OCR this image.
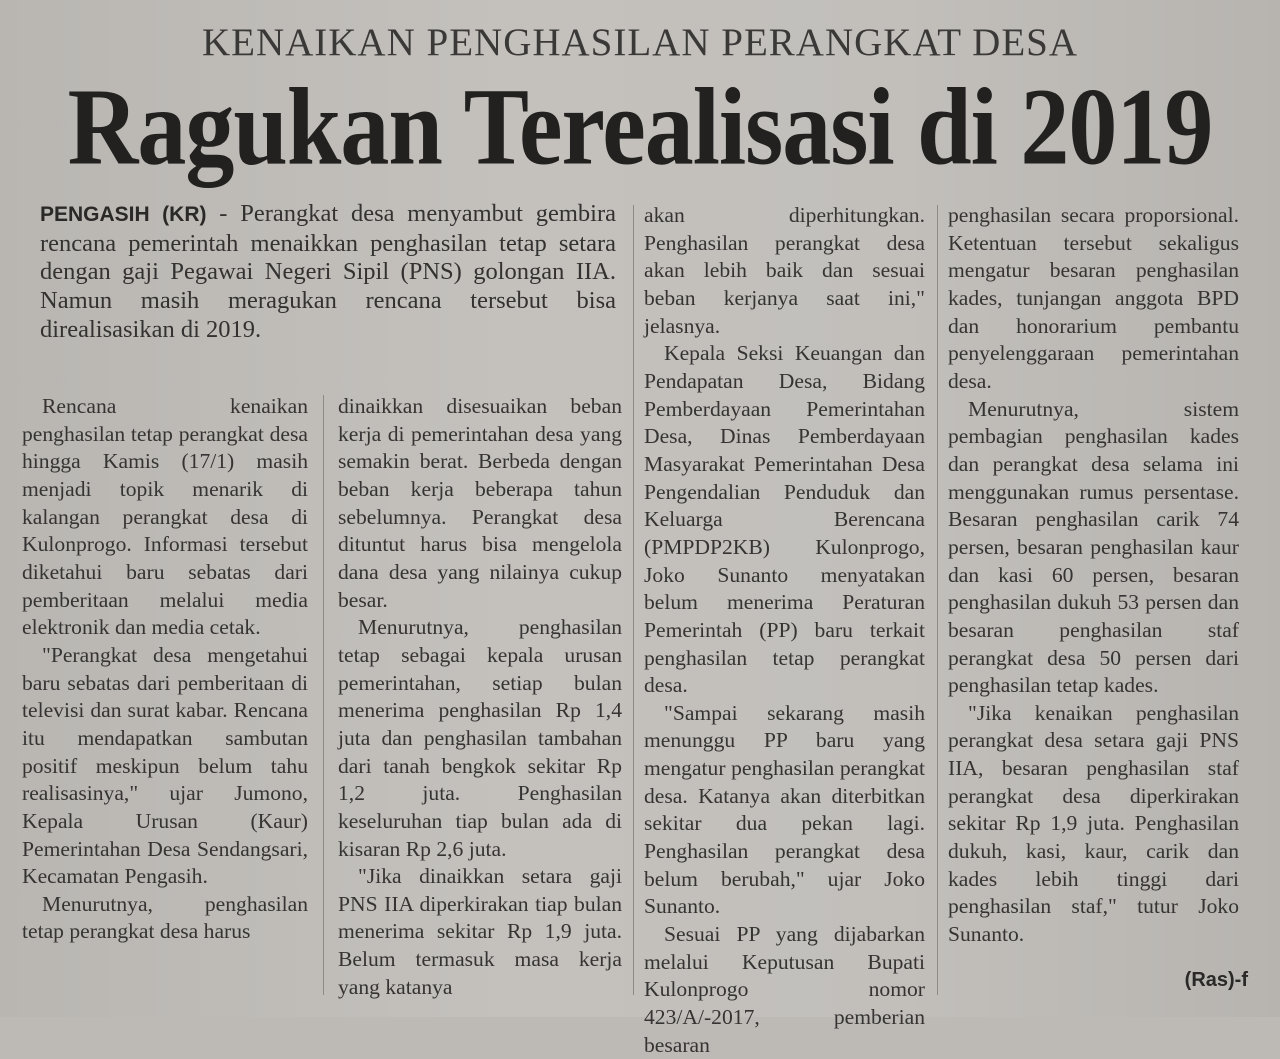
KENAIKAN PENGHASILAN PERANGKAT DESA
Ragukan Terealisasi di 2019
PENGASIH (KR) - Perangkat desa menyambut gembira rencana pemerintah menaikkan penghasilan tetap setara dengan gaji Pegawai Negeri Sipil (PNS) golongan IIA. Namun masih meragukan rencana tersebut bisa direalisasikan di 2019.

Rencana kenaikan penghasilan tetap perangkat desa hingga Kamis (17/1) masih menjadi topik menarik di kalangan perangkat desa di Kulonprogo. Informasi tersebut diketahui baru sebatas dari pemberitaan melalui media elektronik dan media cetak.

"Perangkat desa mengetahui baru sebatas dari pemberitaan di televisi dan surat kabar. Rencana itu mendapatkan sambutan positif meskipun belum tahu realisasinya," ujar Jumono, Kepala Urusan (Kaur) Pemerintahan Desa Sendangsari, Kecamatan Pengasih.

Menurutnya, penghasilan tetap perangkat desa harus

dinaikkan disesuaikan beban kerja di pemerintahan desa yang semakin berat. Berbeda dengan beban kerja beberapa tahun sebelumnya. Perangkat desa dituntut harus bisa mengelola dana desa yang nilainya cukup besar.

Menurutnya, penghasilan tetap sebagai kepala urusan pemerintahan, setiap bulan menerima penghasilan Rp 1,4 juta dan penghasilan tambahan dari tanah bengkok sekitar Rp 1,2 juta. Penghasilan keseluruhan tiap bulan ada di kisaran Rp 2,6 juta.

"Jika dinaikkan setara gaji PNS IIA diperkirakan tiap bulan menerima sekitar Rp 1,9 juta. Belum termasuk masa kerja yang katanya

akan diperhitungkan. Penghasilan perangkat desa akan lebih baik dan sesuai beban kerjanya saat ini," jelasnya.

Kepala Seksi Keuangan dan Pendapatan Desa, Bidang Pemberdayaan Pemerintahan Desa, Dinas Pemberdayaan Masyarakat Pemerintahan Desa Pengendalian Penduduk dan Keluarga Berencana (PMPDP2KB) Kulonprogo, Joko Sunanto menyatakan belum menerima Peraturan Pemerintah (PP) baru terkait penghasilan tetap perangkat desa.

"Sampai sekarang masih menunggu PP baru yang mengatur penghasilan perangkat desa. Katanya akan diterbitkan sekitar dua pekan lagi. Penghasilan perangkat desa belum berubah," ujar Joko Sunanto.

Sesuai PP yang dijabarkan melalui Keputusan Bupati Kulonprogo nomor 423/A/-2017, pemberian besaran

penghasilan secara proporsional. Ketentuan tersebut sekaligus mengatur besaran penghasilan kades, tunjangan anggota BPD dan honorarium pembantu penyelenggaraan pemerintahan desa.

Menurutnya, sistem pembagian penghasilan kades dan perangkat desa selama ini menggunakan rumus persentase. Besaran penghasilan carik 74 persen, besaran penghasilan kaur dan kasi 60 persen, besaran penghasilan dukuh 53 persen dan besaran penghasilan staf perangkat desa 50 persen dari penghasilan tetap kades.

"Jika kenaikan penghasilan perangkat desa setara gaji PNS IIA, besaran penghasilan staf perangkat desa diperkirakan sekitar Rp 1,9 juta. Penghasilan dukuh, kasi, kaur, carik dan kades lebih tinggi dari penghasilan staf," tutur Joko Sunanto.

(Ras)-f
